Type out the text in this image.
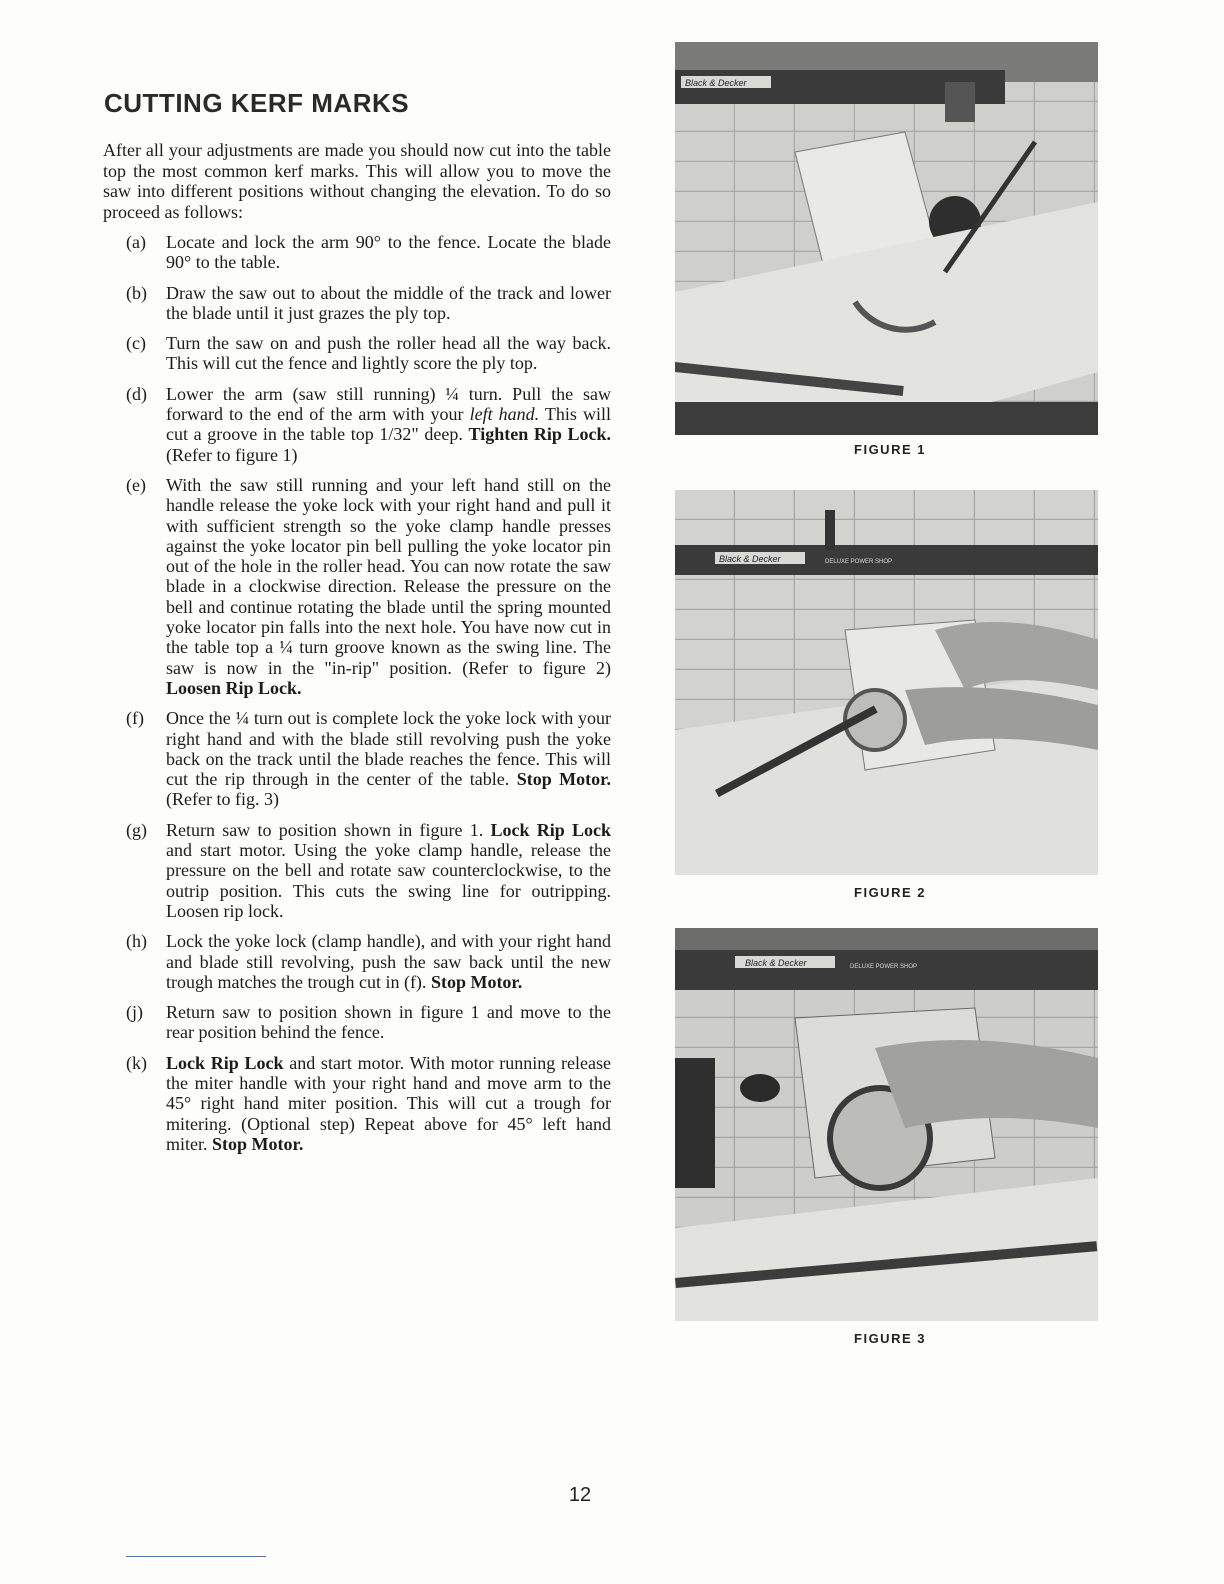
CUTTING KERF MARKS
After all your adjustments are made you should now cut into the table top the most common kerf marks. This will allow you to move the saw into different positions without changing the elevation. To do so proceed as follows:
(a)	Locate and lock the arm 90° to the fence. Locate the blade 90° to the table.
(b)	Draw the saw out to about the middle of the track and lower the blade until it just grazes the ply top.
(c)	Turn the saw on and push the roller head all the way back. This will cut the fence and lightly score the ply top.
(d)	Lower the arm (saw still running) ¼ turn. Pull the saw forward to the end of the arm with your left hand. This will cut a groove in the table top 1/32" deep. Tighten Rip Lock. (Refer to figure 1)
(e)	With the saw still running and your left hand still on the handle release the yoke lock with your right hand and pull it with sufficient strength so the yoke clamp handle presses against the yoke locator pin bell pulling the yoke locator pin out of the hole in the roller head. You can now rotate the saw blade in a clockwise direction. Release the pressure on the bell and continue rotating the blade until the spring mounted yoke locator pin falls into the next hole. You have now cut in the table top a ¼ turn groove known as the swing line. The saw is now in the "in-rip" position. (Refer to figure 2) Loosen Rip Lock.
(f)	Once the ¼ turn out is complete lock the yoke lock with your right hand and with the blade still revolving push the yoke back on the track until the blade reaches the fence. This will cut the rip through in the center of the table. Stop Motor. (Refer to fig. 3)
(g)	Return saw to position shown in figure 1. Lock Rip Lock and start motor. Using the yoke clamp handle, release the pressure on the bell and rotate saw counterclockwise, to the outrip position. This cuts the swing line for outripping. Loosen rip lock.
(h)	Lock the yoke lock (clamp handle), and with your right hand and blade still revolving, push the saw back until the new trough matches the trough cut in (f). Stop Motor.
(j)	Return saw to position shown in figure 1 and move to the rear position behind the fence.
(k)	Lock Rip Lock and start motor. With motor running release the miter handle with your right hand and move arm to the 45° right hand miter position. This will cut a trough for mitering. (Optional step) Repeat above for 45° left hand miter. Stop Motor.
Black & Decker
FIGURE 1
Black & Decker	DELUXE POWER SHOP
FIGURE 2
Black & Decker	DELUXE POWER SHOP
FIGURE 3
12
